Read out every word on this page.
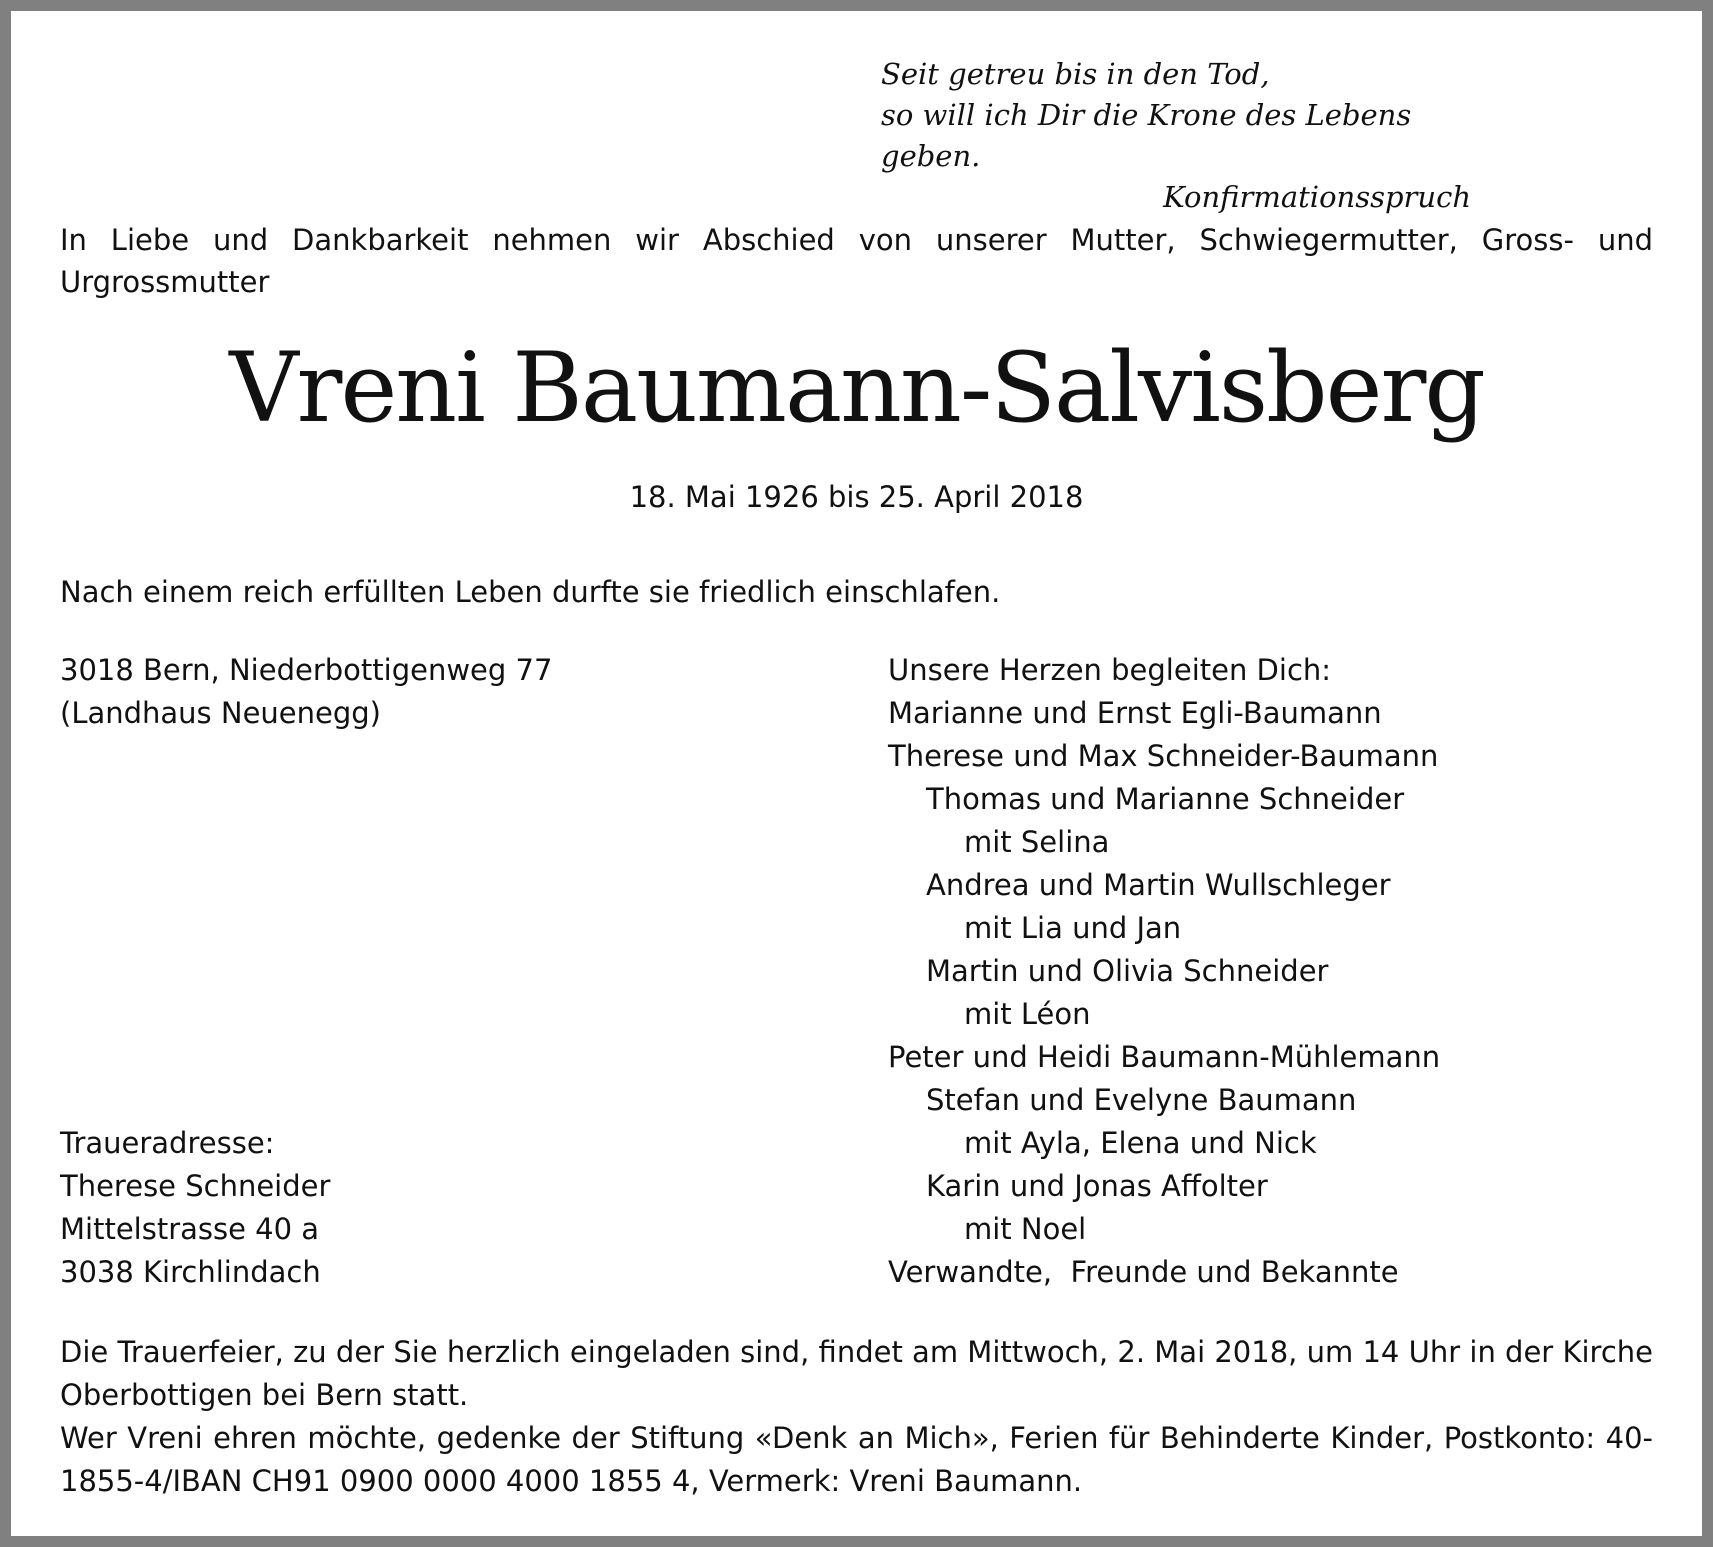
Seit getreu bis in den Tod,
so will ich Dir die Krone des Lebens geben.
Konfirmationsspruch
In Liebe und Dankbarkeit nehmen wir Abschied von unserer Mutter, Schwiegermutter, Gross- und Urgrossmutter
Vreni Baumann-Salvisberg
18. Mai 1926 bis 25. April 2018
Nach einem reich erfüllten Leben durfte sie friedlich einschlafen.
3018 Bern, Niederbottigenweg 77
(Landhaus Neuenegg)
Traueradresse:
Therese Schneider
Mittelstrasse 40 a
3038 Kirchlindach
Unsere Herzen begleiten Dich:
Marianne und Ernst Egli-Baumann
Therese und Max Schneider-Baumann
Thomas und Marianne Schneider
mit Selina
Andrea und Martin Wullschleger
mit Lia und Jan
Martin und Olivia Schneider
mit Léon
Peter und Heidi Baumann-Mühlemann
Stefan und Evelyne Baumann
mit Ayla, Elena und Nick
Karin und Jonas Affolter
mit Noel
Verwandte,  Freunde und Bekannte
Die Trauerfeier, zu der Sie herzlich eingeladen sind, findet am Mittwoch, 2. Mai 2018, um 14 Uhr in der Kirche Oberbottigen bei Bern statt.
Wer Vreni ehren möchte, gedenke der Stiftung «Denk an Mich», Ferien für Behinderte Kinder, Postkonto: 40-1855-4/IBAN CH91 0900 0000 4000 1855 4, Vermerk: Vreni Baumann.
